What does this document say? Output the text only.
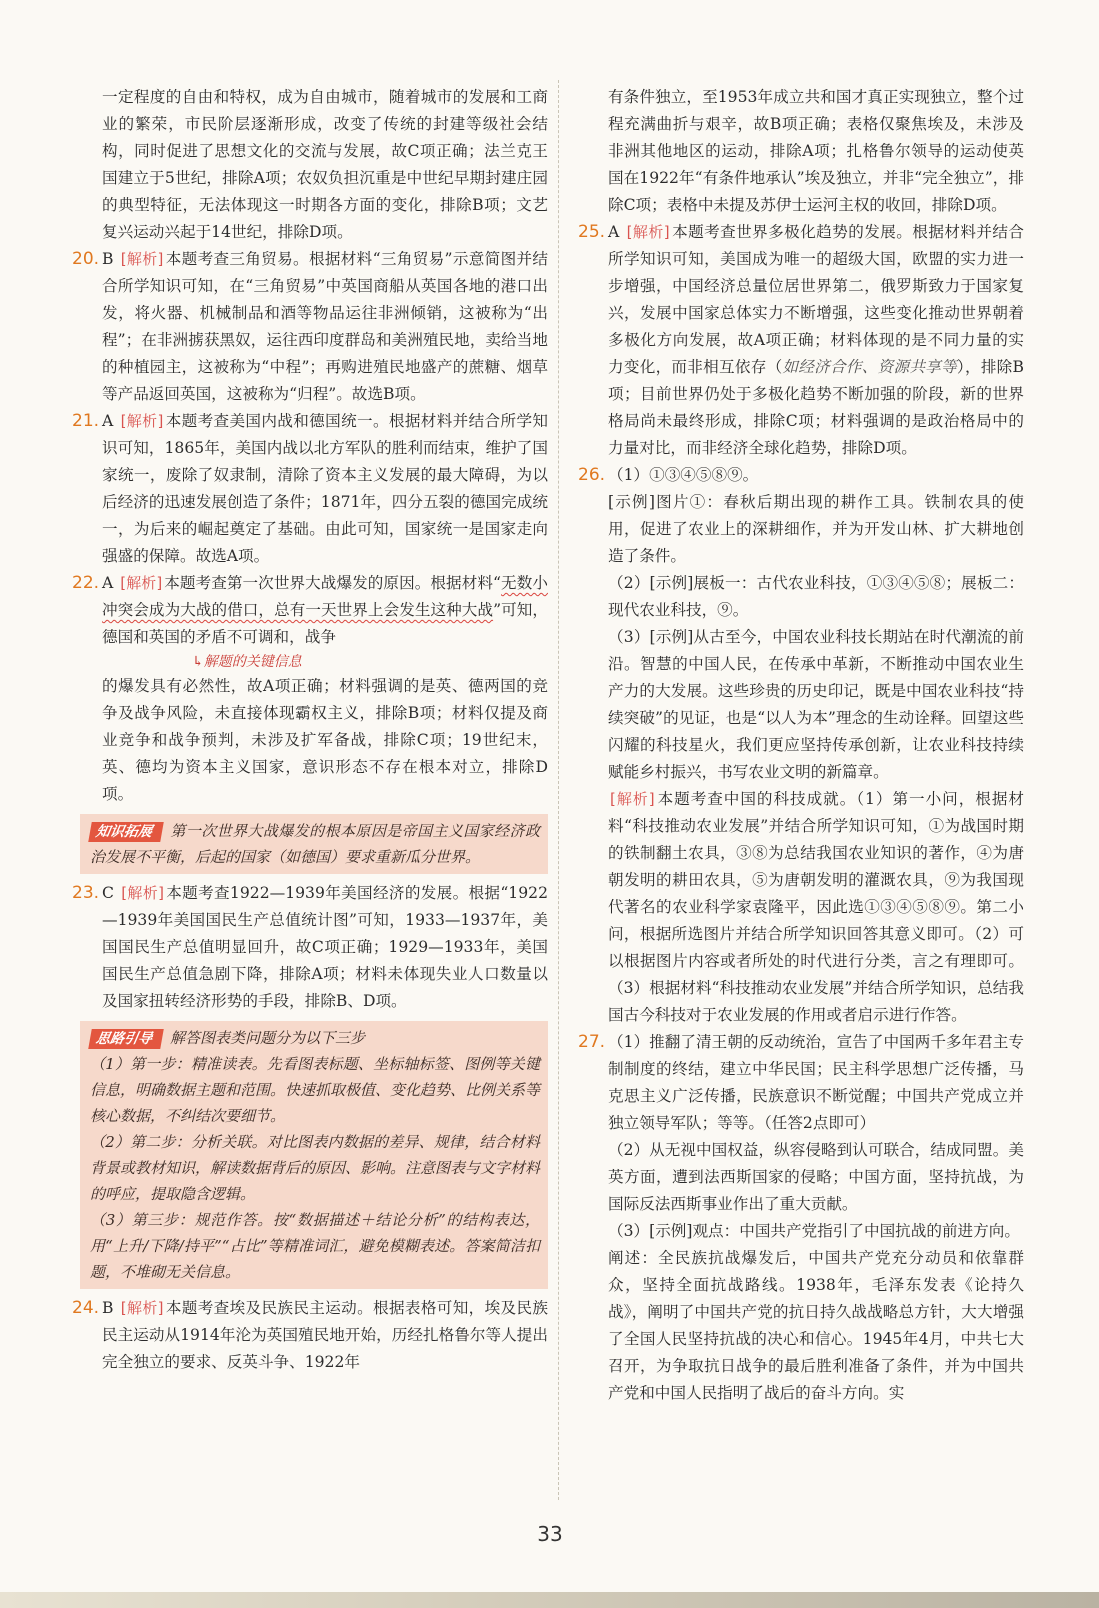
一定程度的自由和特权，成为自由城市，随着城市的发展和工商业的繁荣，市民阶层逐渐形成，改变了传统的封建等级社会结构，同时促进了思想文化的交流与发展，故C项正确；法兰克王国建立于5世纪，排除A项；农奴负担沉重是中世纪早期封建庄园的典型特征，无法体现这一时期各方面的变化，排除B项；文艺复兴运动兴起于14世纪，排除D项。

20. B [解析] 本题考查三角贸易。根据材料“三角贸易”示意简图并结合所学知识可知，在“三角贸易”中英国商船从英国各地的港口出发，将火器、机械制品和酒等物品运往非洲倾销，这被称为“出程”；在非洲掳获黑奴，运往西印度群岛和美洲殖民地，卖给当地的种植园主，这被称为“中程”；再购进殖民地盛产的蔗糖、烟草等产品返回英国，这被称为“归程”。故选B项。

21. A [解析] 本题考查美国内战和德国统一。根据材料并结合所学知识可知，1865年，美国内战以北方军队的胜利而结束，维护了国家统一，废除了奴隶制，清除了资本主义发展的最大障碍，为以后经济的迅速发展创造了条件；1871年，四分五裂的德国完成统一，为后来的崛起奠定了基础。由此可知，国家统一是国家走向强盛的保障。故选A项。

22. A [解析] 本题考查第一次世界大战爆发的原因。根据材料“无数小冲突会成为大战的借口，总有一天世界上会发生这种大战”可知，德国和英国的矛盾不可调和，战争

↳解题的关键信息

的爆发具有必然性，故A项正确；材料强调的是英、德两国的竞争及战争风险，未直接体现霸权主义，排除B项；材料仅提及商业竞争和战争预判，未涉及扩军备战，排除C项；19世纪末，英、德均为资本主义国家，意识形态不存在根本对立，排除D项。

知识拓展 第一次世界大战爆发的根本原因是帝国主义国家经济政治发展不平衡，后起的国家（如德国）要求重新瓜分世界。

23. C [解析] 本题考查1922—1939年美国经济的发展。根据“1922—1939年美国国民生产总值统计图”可知，1933—1937年，美国国民生产总值明显回升，故C项正确；1929—1933年，美国国民生产总值急剧下降，排除A项；材料未体现失业人口数量以及国家扭转经济形势的手段，排除B、D项。

思路引导 解答图表类问题分为以下三步

（1）第一步：精准读表。先看图表标题、坐标轴标签、图例等关键信息，明确数据主题和范围。快速抓取极值、变化趋势、比例关系等核心数据，不纠结次要细节。

（2）第二步：分析关联。对比图表内数据的差异、规律，结合材料背景或教材知识，解读数据背后的原因、影响。注意图表与文字材料的呼应，提取隐含逻辑。

（3）第三步：规范作答。按“数据描述＋结论分析”的结构表达，用“上升/下降/持平”“占比”等精准词汇，避免模糊表述。答案简洁扣题，不堆砌无关信息。

24. B [解析] 本题考查埃及民族民主运动。根据表格可知，埃及民族民主运动从1914年沦为英国殖民地开始，历经扎格鲁尔等人提出完全独立的要求、反英斗争、1922年

有条件独立，至1953年成立共和国才真正实现独立，整个过程充满曲折与艰辛，故B项正确；表格仅聚焦埃及，未涉及非洲其他地区的运动，排除A项；扎格鲁尔领导的运动使英国在1922年“有条件地承认”埃及独立，并非“完全独立”，排除C项；表格中未提及苏伊士运河主权的收回，排除D项。

25. A [解析] 本题考查世界多极化趋势的发展。根据材料并结合所学知识可知，美国成为唯一的超级大国，欧盟的实力进一步增强，中国经济总量位居世界第二，俄罗斯致力于国家复兴，发展中国家总体实力不断增强，这些变化推动世界朝着多极化方向发展，故A项正确；材料体现的是不同力量的实力变化，而非相互依存（如经济合作、资源共享等），排除B项；目前世界仍处于多极化趋势不断加强的阶段，新的世界格局尚未最终形成，排除C项；材料强调的是政治格局中的力量对比，而非经济全球化趋势，排除D项。

26. （1）①③④⑤⑧⑨。

[示例]图片①：春秋后期出现的耕作工具。铁制农具的使用，促进了农业上的深耕细作，并为开发山林、扩大耕地创造了条件。

（2）[示例]展板一：古代农业科技，①③④⑤⑧；展板二：现代农业科技，⑨。

（3）[示例]从古至今，中国农业科技长期站在时代潮流的前沿。智慧的中国人民，在传承中革新，不断推动中国农业生产力的大发展。这些珍贵的历史印记，既是中国农业科技“持续突破”的见证，也是“以人为本”理念的生动诠释。回望这些闪耀的科技星火，我们更应坚持传承创新，让农业科技持续赋能乡村振兴，书写农业文明的新篇章。

[解析] 本题考查中国的科技成就。（1）第一小问，根据材料“科技推动农业发展”并结合所学知识可知，①为战国时期的铁制翻土农具，③⑧为总结我国农业知识的著作，④为唐朝发明的耕田农具，⑤为唐朝发明的灌溉农具，⑨为我国现代著名的农业科学家袁隆平，因此选①③④⑤⑧⑨。第二小问，根据所选图片并结合所学知识回答其意义即可。（2）可以根据图片内容或者所处的时代进行分类，言之有理即可。（3）根据材料“科技推动农业发展”并结合所学知识，总结我国古今科技对于农业发展的作用或者启示进行作答。

27. （1）推翻了清王朝的反动统治，宣告了中国两千多年君主专制制度的终结，建立中华民国；民主科学思想广泛传播，马克思主义广泛传播，民族意识不断觉醒；中国共产党成立并独立领导军队；等等。（任答2点即可）

（2）从无视中国权益，纵容侵略到认可联合，结成同盟。美英方面，遭到法西斯国家的侵略；中国方面，坚持抗战，为国际反法西斯事业作出了重大贡献。

（3）[示例]观点：中国共产党指引了中国抗战的前进方向。

阐述：全民族抗战爆发后，中国共产党充分动员和依靠群众，坚持全面抗战路线。1938年，毛泽东发表《论持久战》，阐明了中国共产党的抗日持久战战略总方针，大大增强了全国人民坚持抗战的决心和信心。1945年4月，中共七大召开，为争取抗日战争的最后胜利准备了条件，并为中国共产党和中国人民指明了战后的奋斗方向。实

33
